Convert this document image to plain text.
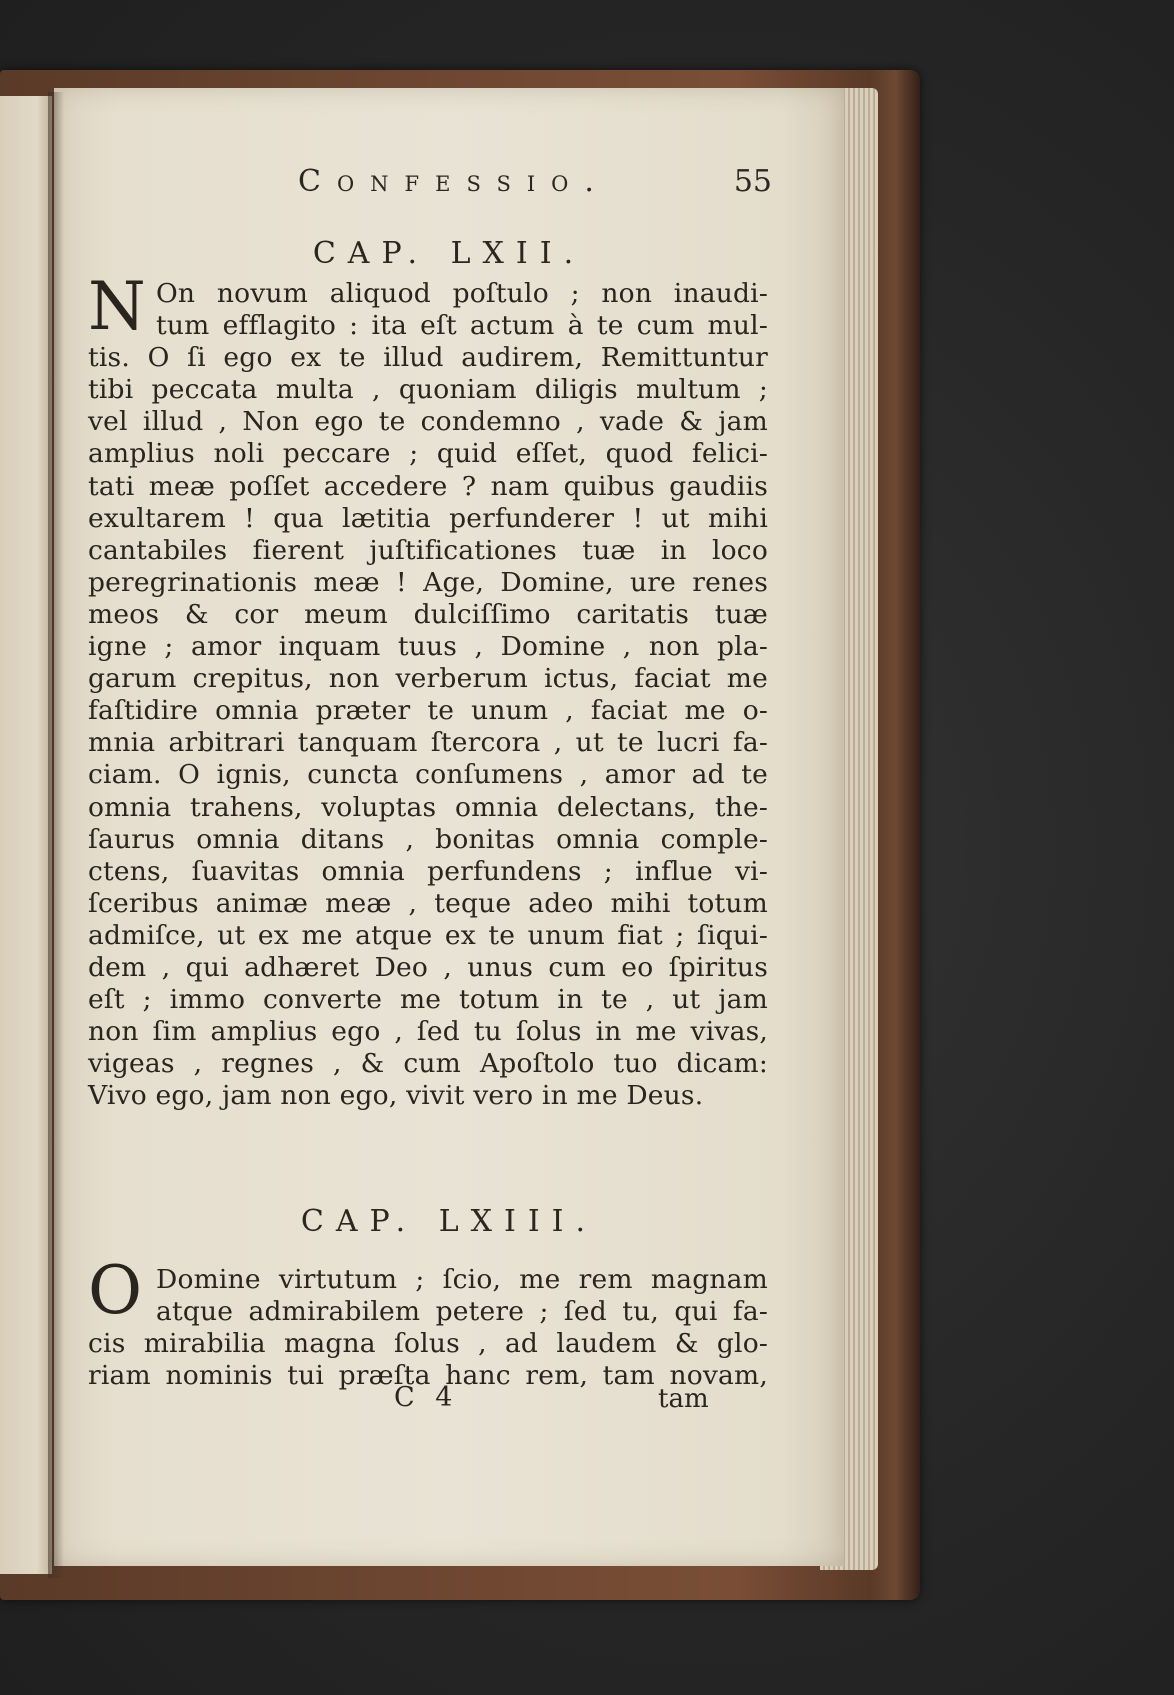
Confessio.	55
CAP. LXII.
N On novum aliquod poſtulo ; non inaudi-
tum efflagito : ita eſt actum à te cum mul-
tis. O ſi ego ex te illud audirem, Remittuntur
tibi peccata multa , quoniam diligis multum ;
vel illud , Non ego te condemno , vade & jam
amplius noli peccare ; quid eſſet, quod felici-
tati meæ poſſet accedere ? nam quibus gaudiis
exultarem ! qua lætitia perfunderer ! ut mihi
cantabiles fierent juſtificationes tuæ in loco
peregrinationis meæ ! Age, Domine, ure renes
meos & cor meum dulciſſimo caritatis tuæ
igne ; amor inquam tuus , Domine , non pla-
garum crepitus, non verberum ictus, faciat me
faſtidire omnia præter te unum , faciat me o-
mnia arbitrari tanquam ſtercora , ut te lucri fa-
ciam. O ignis, cuncta conſumens , amor ad te
omnia trahens, voluptas omnia delectans, the-
ſaurus omnia ditans , bonitas omnia comple-
ctens, ſuavitas omnia perfundens ; influe vi-
ſceribus animæ meæ , teque adeo mihi totum
admiſce, ut ex me atque ex te unum fiat ; ſiqui-
dem , qui adhæret Deo , unus cum eo ſpiritus
eſt ; immo converte me totum in te , ut jam
non ſim amplius ego , ſed tu ſolus in me vivas,
vigeas , regnes , & cum Apoſtolo tuo dicam:
Vivo ego, jam non ego, vivit vero in me Deus.
CAP. LXIII.
O Domine virtutum ; ſcio, me rem magnam
atque admirabilem petere ; ſed tu, qui fa-
cis mirabilia magna ſolus , ad laudem & glo-
riam nominis tui præſta hanc rem, tam novam,
C 4	tam
